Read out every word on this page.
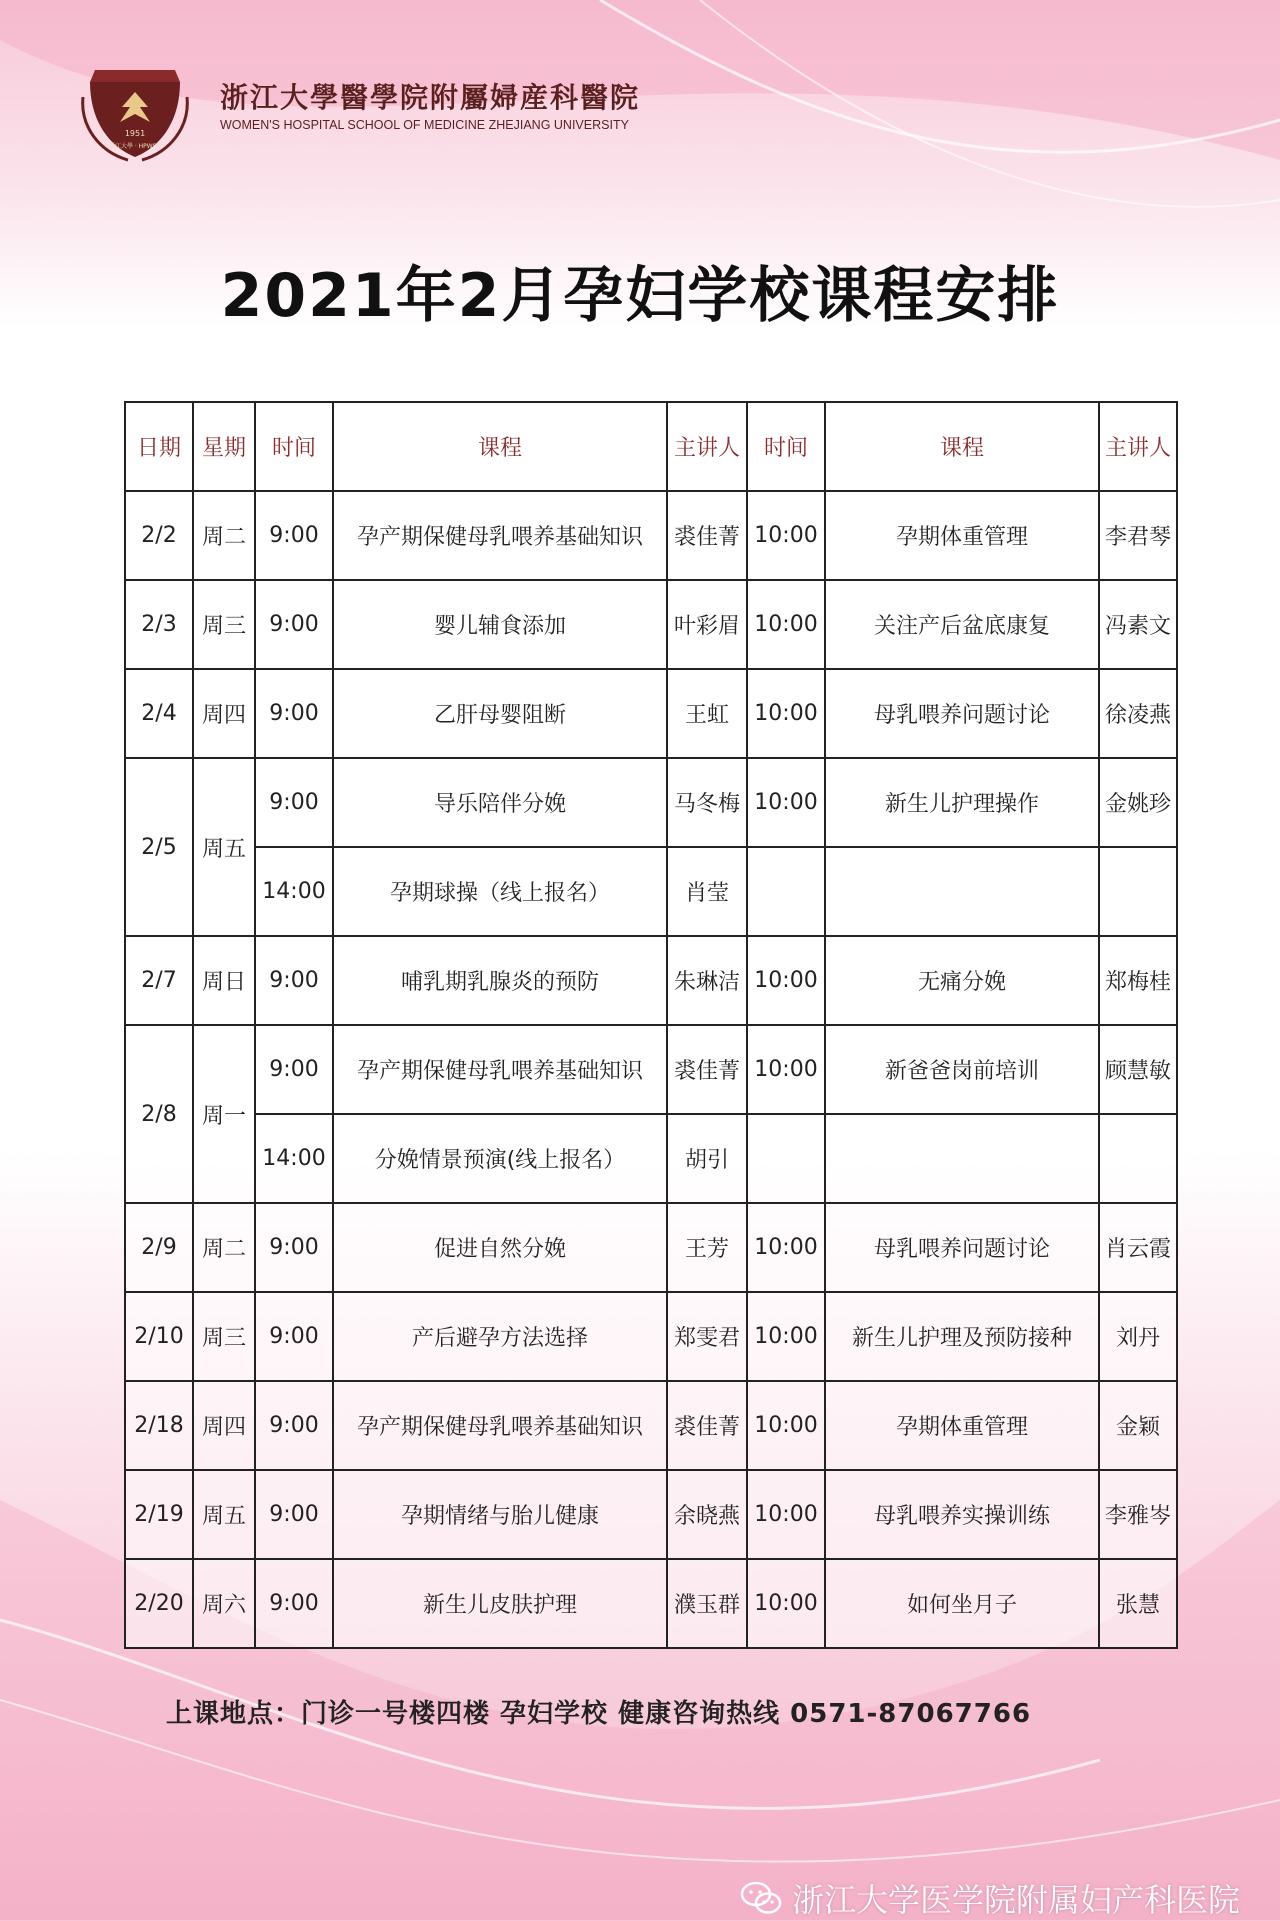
1951
浙江大學 · HPWSH
浙江大學醫學院附屬婦産科醫院
WOMEN'S HOSPITAL SCHOOL OF MEDICINE ZHEJIANG UNIVERSITY
2021年2月孕妇学校课程安排
日期	星期	时间	课程	主讲人	时间	课程	主讲人
2/2	周二	9:00	孕产期保健母乳喂养基础知识	裘佳菁	10:00	孕期体重管理	李君琴
2/3	周三	9:00	婴儿辅食添加	叶彩眉	10:00	关注产后盆底康复	冯素文
2/4	周四	9:00	乙肝母婴阻断	王虹	10:00	母乳喂养问题讨论	徐凌燕
2/5	周五	9:00	导乐陪伴分娩	马冬梅	10:00	新生儿护理操作	金姚珍
		14:00	孕期球操（线上报名）	肖莹			
2/7	周日	9:00	哺乳期乳腺炎的预防	朱琳洁	10:00	无痛分娩	郑梅桂
2/8	周一	9:00	孕产期保健母乳喂养基础知识	裘佳菁	10:00	新爸爸岗前培训	顾慧敏
		14:00	分娩情景预演(线上报名）	胡引			
2/9	周二	9:00	促进自然分娩	王芳	10:00	母乳喂养问题讨论	肖云霞
2/10	周三	9:00	产后避孕方法选择	郑雯君	10:00	新生儿护理及预防接种	刘丹
2/18	周四	9:00	孕产期保健母乳喂养基础知识	裘佳菁	10:00	孕期体重管理	金颖
2/19	周五	9:00	孕期情绪与胎儿健康	余晓燕	10:00	母乳喂养实操训练	李雅岑
2/20	周六	9:00	新生儿皮肤护理	濮玉群	10:00	如何坐月子	张慧
上课地点：门诊一号楼四楼 孕妇学校 健康咨询热线 0571-87067766
浙江大学医学院附属妇产科医院
